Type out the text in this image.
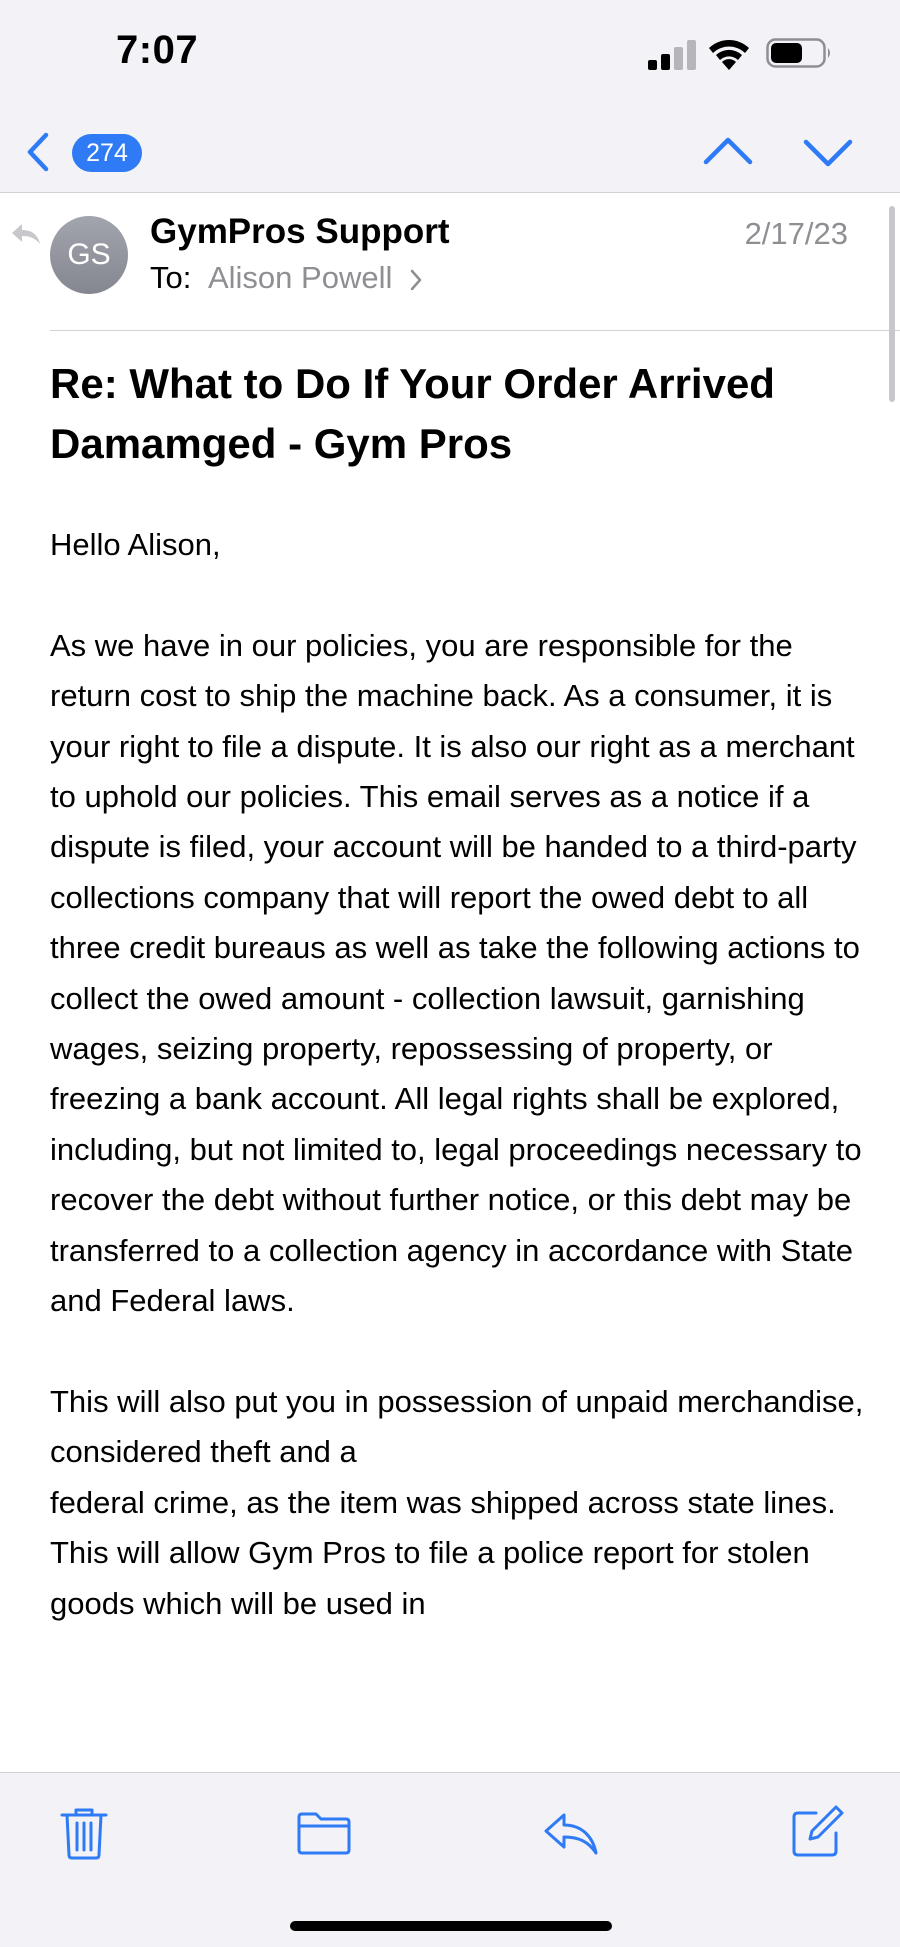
7:07
274
GS
GymPros Support
To: Alison Powell
2/17/23
Re: What to Do If Your Order Arrived Damamged - Gym Pros

Hello Alison,

As we have in our policies, you are responsible for the return cost to ship the machine back. As a consumer, it is your right to file a dispute. It is also our right as a merchant to uphold our policies. This email serves as a notice if a dispute is filed, your account will be handed to a third-party collections company that will report the owed debt to all three credit bureaus as well as take the following actions to collect the owed amount - collection lawsuit, garnishing wages, seizing property, repossessing of property, or freezing a bank account. All legal rights shall be explored, including, but not limited to, legal proceedings necessary to recover the debt without further notice, or this debt may be transferred to a collection agency in accordance with State and Federal laws.

This will also put you in possession of unpaid merchandise, considered theft and a

federal crime, as the item was shipped across state lines. This will allow Gym Pros to file a police report for stolen goods which will be used in
